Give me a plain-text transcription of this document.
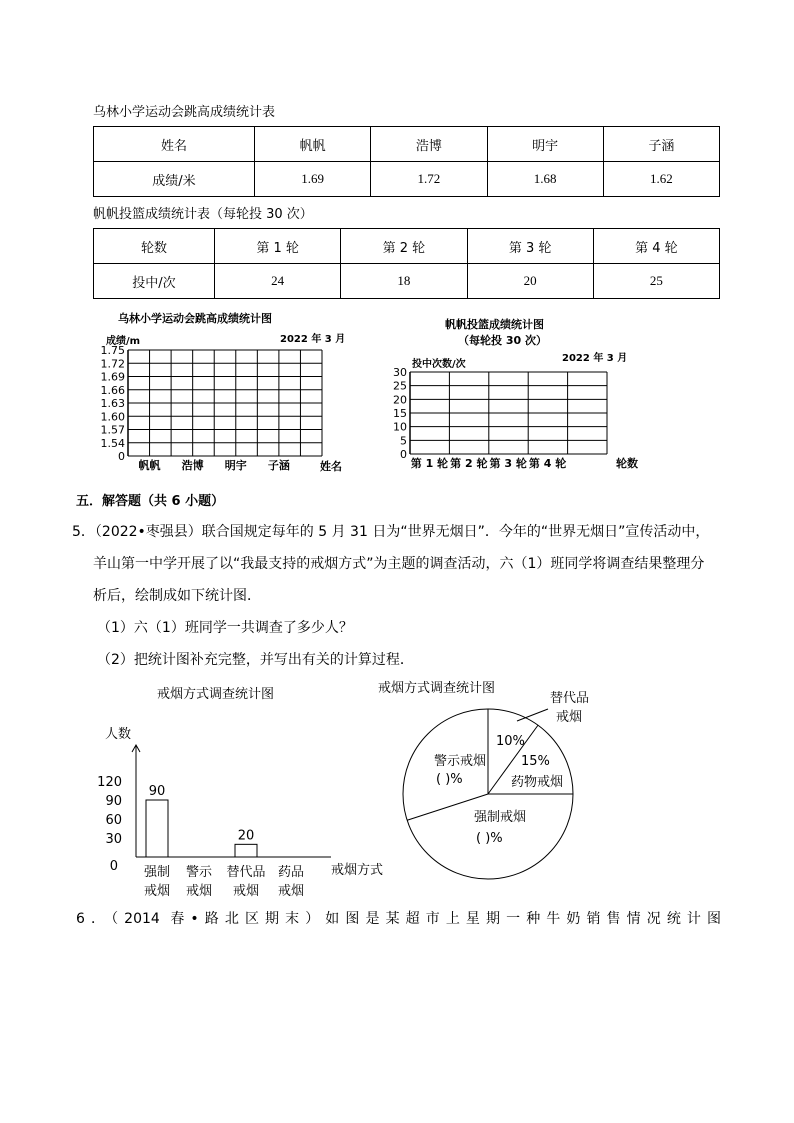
乌林小学运动会跳高成绩统计表
姓名	帆帆	浩博	明宇	子涵
成绩/米	1.69	1.72	1.68	1.62
帆帆投篮成绩统计表（每轮投 30 次）
轮数	第 1 轮	第 2 轮	第 3 轮	第 4 轮
投中/次	24	18	20	25
乌林小学运动会跳高成绩统计图
成绩/m	2022 年 3 月
1.75
1.72
1.69
1.66
1.63
1.60
1.57
1.54
0
帆帆 浩博 明宇 子涵	姓名
帆帆投篮成绩统计图
（每轮投 30 次）
投中次数/次
2022 年 3 月
30
25
20
15
10
5
0
第 1 轮 第 2 轮 第 3 轮 第 4 轮	轮数
五．解答题（共 6 小题）
5．（2022•枣强县）联合国规定每年的 5 月 31 日为“世界无烟日”．今年的“世界无烟日”宣传活动中，
羊山第一中学开展了以“我最支持的戒烟方式”为主题的调查活动，六（1）班同学将调查结果整理分
析后，绘制成如下统计图．
（1）六（1）班同学一共调查了多少人？
（2）把统计图补充完整，并写出有关的计算过程．
戒烟方式调查统计图
人数
120
90
60
30
0
90
20
强制
戒烟
警示
戒烟
替代品
戒烟
药品
戒烟
戒烟方式
戒烟方式调查统计图
替代品
戒烟
10%
15%
药物戒烟
警示戒烟
( )%
强制戒烟
( )%
6．（2014 春•路北区期末）如图是某超市上星期一种牛奶销售情况统计图
